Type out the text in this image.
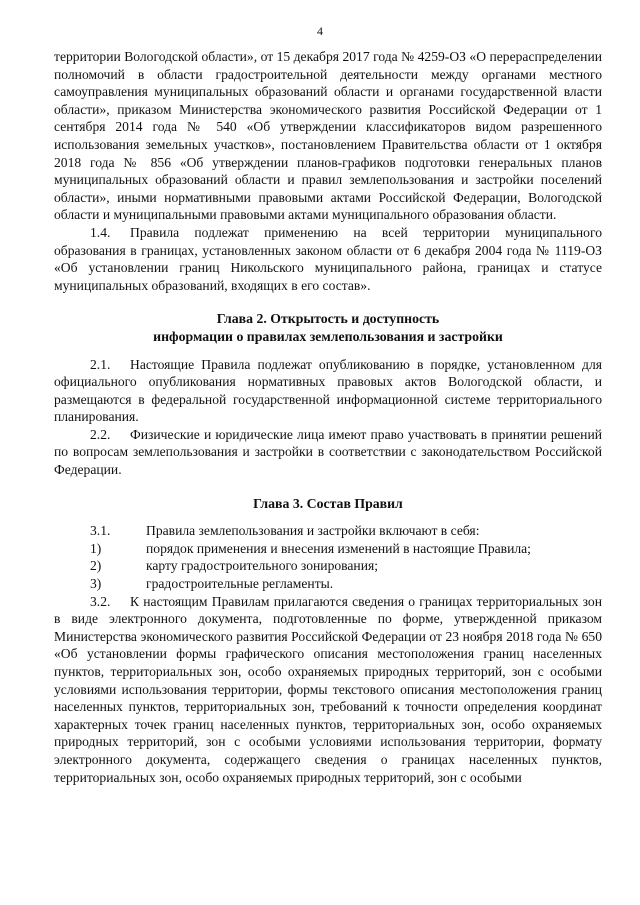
4

территории Вологодской области», от 15 декабря 2017 года № 4259-ОЗ «О перераспределении полномочий в области градостроительной деятельности между органами местного самоуправления муниципальных образований области и органами государственной власти области», приказом Министерства экономического развития Российской Федерации от 1 сентября 2014 года № 540 «Об утверждении классификаторов видом разрешенного использования земельных участков», постановлением Правительства области от 1 октября 2018 года № 856 «Об утверждении планов-графиков подготовки генеральных планов муниципальных образований области и правил землепользования и застройки поселений области», иными нормативными правовыми актами Российской Федерации, Вологодской области и муниципальными правовыми актами муниципального образования области.

1.4. Правила подлежат применению на всей территории муниципального образования в границах, установленных законом области от 6 декабря 2004 года № 1119-ОЗ «Об установлении границ Никольского муниципального района, границах и статусе муниципальных образований, входящих в его состав».

Глава 2. Открытость и доступность

информации о правилах землепользования и застройки

2.1. Настоящие Правила подлежат опубликованию в порядке, установленном для официального опубликования нормативных правовых актов Вологодской области, и размещаются в федеральной государственной информационной системе территориального планирования.

2.2. Физические и юридические лица имеют право участвовать в принятии решений по вопросам землепользования и застройки в соответствии с законодательством Российской Федерации.

Глава 3. Состав Правил

3.1.	Правила землепользования и застройки включают в себя:
1)	порядок применения и внесения изменений в настоящие Правила;
2)	карту градостроительного зонирования;
3)	градостроительные регламенты.

3.2. К настоящим Правилам прилагаются сведения о границах территориальных зон в виде электронного документа, подготовленные по форме, утвержденной приказом Министерства экономического развития Российской Федерации от 23 ноября 2018 года № 650 «Об установлении формы графического описания местоположения границ населенных пунктов, территориальных зон, особо охраняемых природных территорий, зон с особыми условиями использования территории, формы текстового описания местоположения границ населенных пунктов, территориальных зон, требований к точности определения координат характерных точек границ населенных пунктов, территориальных зон, особо охраняемых природных территорий, зон с особыми условиями использования территории, формату электронного документа, содержащего сведения о границах населенных пунктов, территориальных зон, особо охраняемых природных территорий, зон с особыми
